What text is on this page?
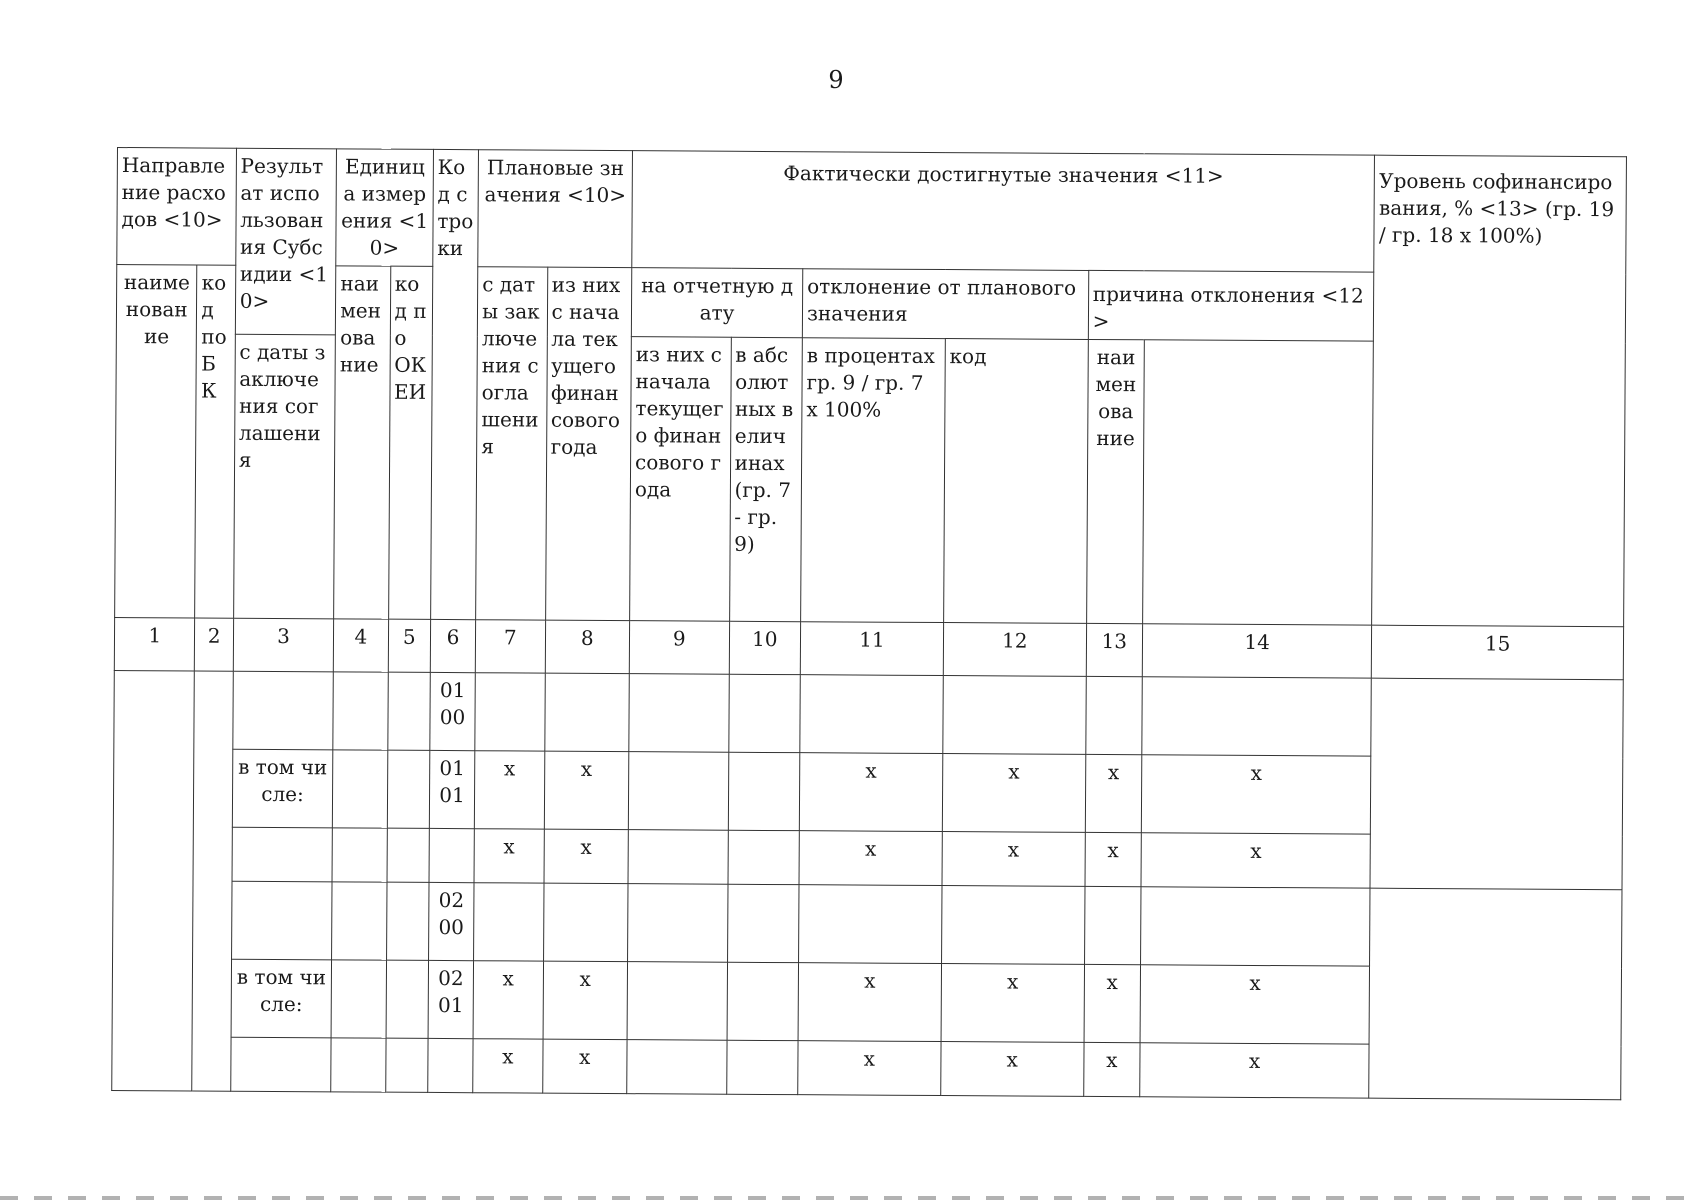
9
Направление расходов <10>		Результат использования Субсидии <10>	Единица измерения <10>		Код строки	Плановые значения <10>		Фактически достигнутые значения <11>						Уровень софинансирования, % <13> (гр. 19 / гр. 18 х 100%)
наименование	код по БК		наименование	код по ОКЕИ		с даты заключения соглашения	из них с начала текущего финансового года	на отчетную дату		отклонение от планового значения		причина отклонения <12>		
		с даты заключения соглашения						из них с начала текущего финансового года	в абсолютных величинах (гр. 7 - гр. 9)	в процентах гр. 9 / гр. 7 х 100%	код	наименование		
1	2	3	4	5	6	7	8	9	10	11	12	13	14	15
					01 00									
		в том числе:			01 01	x	x			x	x	x	x	
						x	x			x	x	x	x	
					02 00									
		в том числе:			02 01	x	x			x	x	x	x	
						x	x			x	x	x	x	
